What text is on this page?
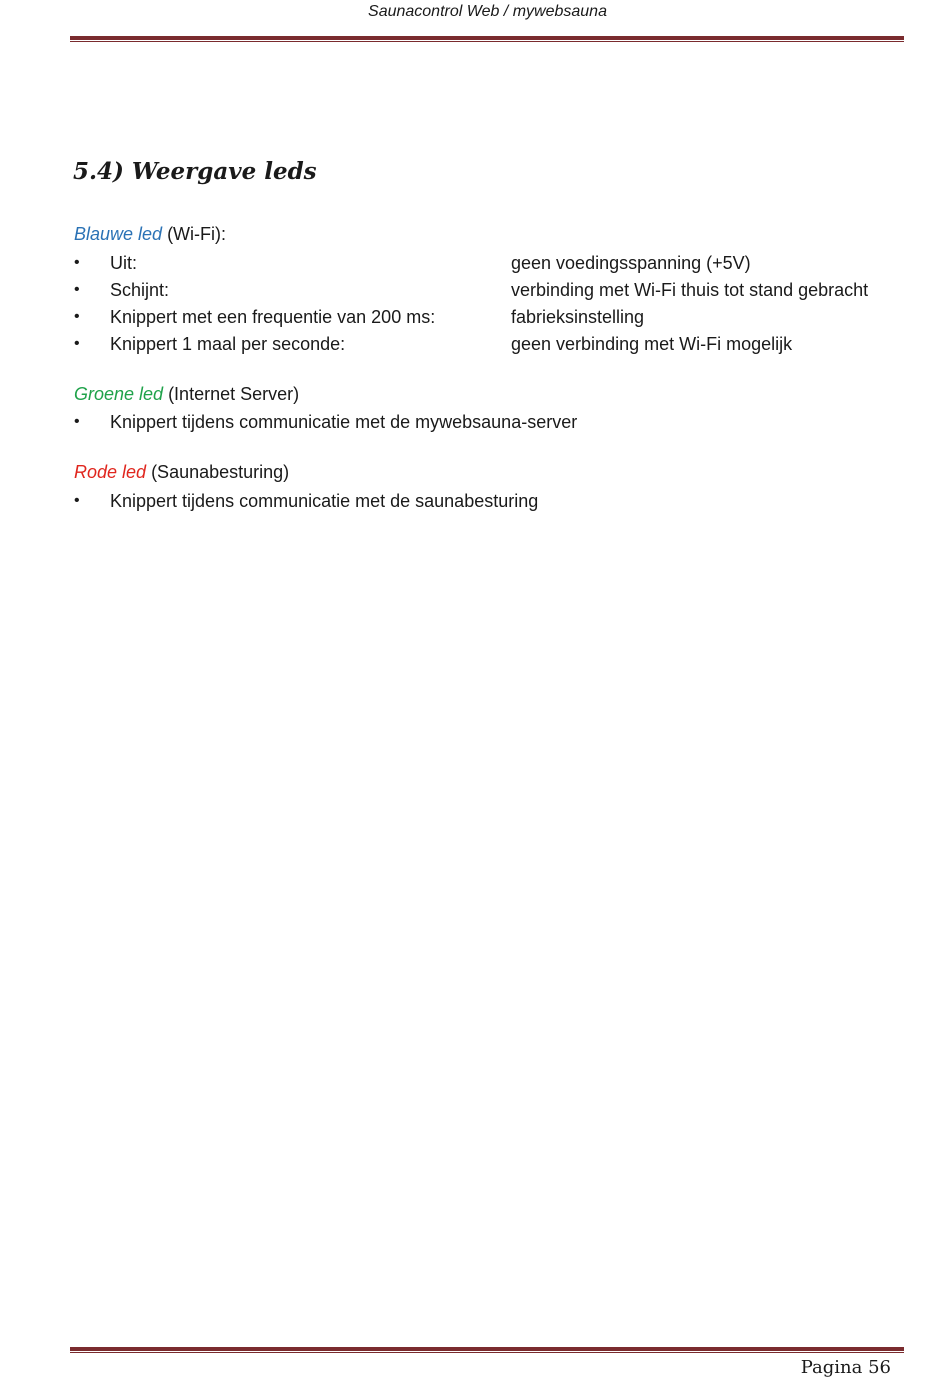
Saunacontrol Web / mywebsauna
5.4) Weergave leds

Blauwe led (Wi-Fi):

• Uit:	geen voedingsspanning (+5V)
• Schijnt:	verbinding met Wi-Fi thuis tot stand gebracht
• Knippert met een frequentie van 200 ms:	fabrieksinstelling
• Knippert 1 maal per seconde:	geen verbinding met Wi-Fi mogelijk

Groene led (Internet Server)

• Knippert tijdens communicatie met de mywebsauna-server

Rode led (Saunabesturing)

• Knippert tijdens communicatie met de saunabesturing
Pagina 56
